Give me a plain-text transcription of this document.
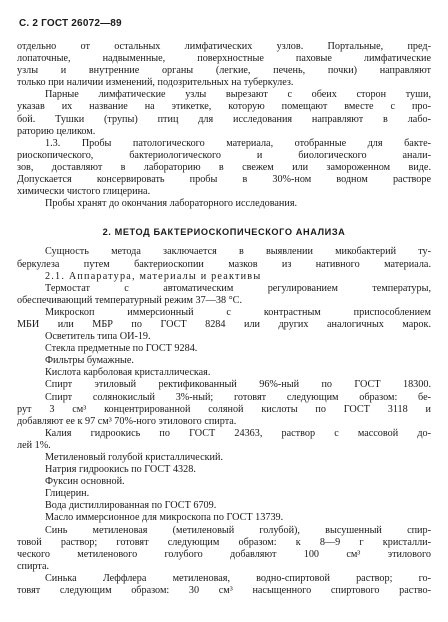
С. 2 ГОСТ 26072—89
отдельно от остальных лимфатических узлов. Портальные, пред-
лопаточные, надвыменные, поверхностные паховые лимфатические
узлы и внутренние органы (легкие, печень, почки) направляют
только при наличии изменений, подозрительных на туберкулез.
Парные лимфатические узлы вырезают с обеих сторон туши,
указав их название на этикетке, которую помещают вместе с про-
бой. Тушки (трупы) птиц для исследования направляют в лабо-
раторию целиком.
1.3. Пробы патологического материала, отобранные для бакте-
риоскопического, бактериологического и биологического анали-
зов, доставляют в лабораторию в свежем или замороженном виде.
Допускается консервировать пробы в 30%-ном водном растворе
химически чистого глицерина.
Пробы хранят до окончания лабораторного исследования.
2. МЕТОД БАКТЕРИОСКОПИЧЕСКОГО АНАЛИЗА
Сущность метода заключается в выявлении микобактерий ту-
беркулеза путем бактериоскопии мазков из нативного материала.
2.1. Аппаратура, материалы и реактивы
Термостат с автоматическим регулированием температуры,
обеспечивающий температурный режим 37—38 °С.
Микроскоп иммерсионный с контрастным приспособлением
МБИ или МБР по ГОСТ 8284 или других аналогичных марок.
Осветитель типа ОИ-19.
Стекла предметные по ГОСТ 9284.
Фильтры бумажные.
Кислота карболовая кристаллическая.
Спирт этиловый ректификованный 96%-ный по ГОСТ 18300.
Спирт солянокислый 3%-ный; готовят следующим образом: бе-
рут 3 см³ концентрированной соляной кислоты по ГОСТ 3118 и
добавляют ее к 97 см³ 70%-ного этилового спирта.
Калия гидроокись по ГОСТ 24363, раствор с массовой до-
лей 1%.
Метиленовый голубой кристаллический.
Натрия гидроокись по ГОСТ 4328.
Фуксин основной.
Глицерин.
Вода дистиллированная по ГОСТ 6709.
Масло иммерсионное для микроскопа по ГОСТ 13739.
Синь метиленовая (метиленовый голубой), высушенный спир-
товой раствор; готовят следующим образом: к 8—9 г кристалли-
ческого метиленового голубого добавляют 100 см³ этилового
спирта.
Синька Леффлера метиленовая, водно-спиртовой раствор; го-
товят следующим образом: 30 см³ насыщенного спиртового раство-
